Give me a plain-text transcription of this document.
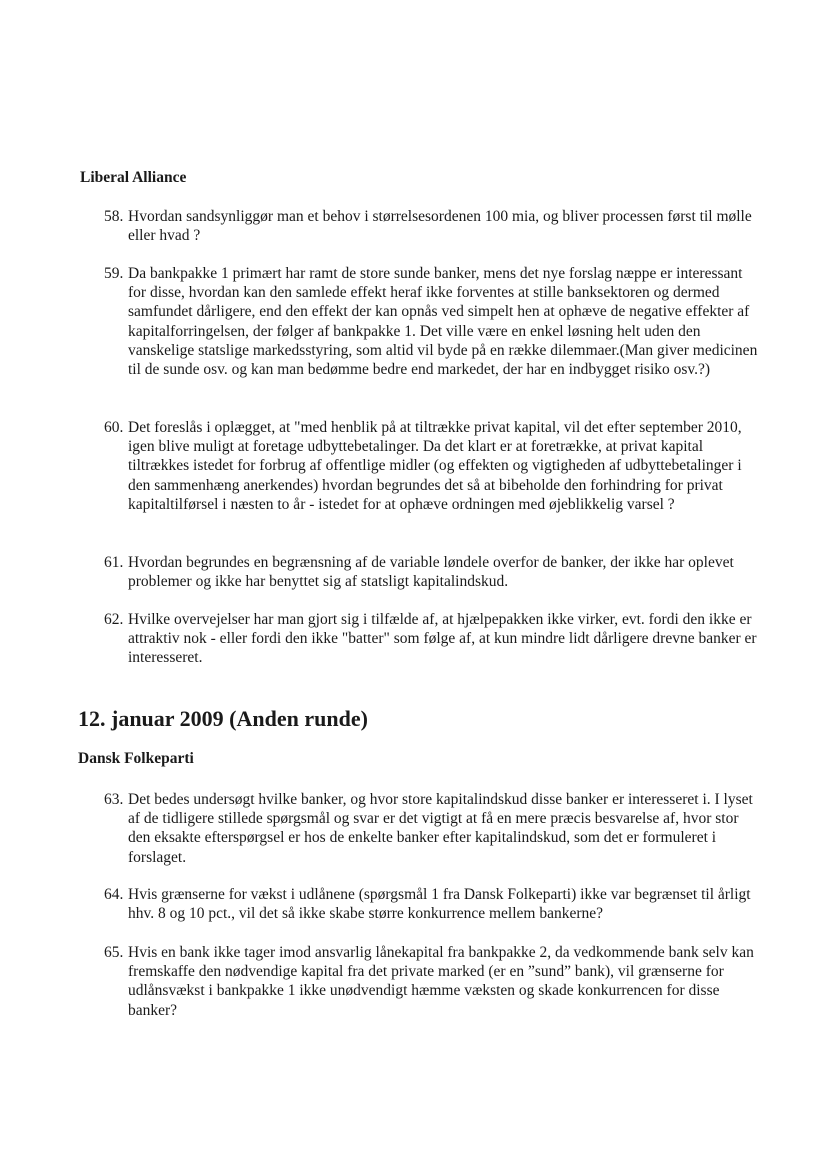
Liberal Alliance
58. Hvordan sandsynliggør man et behov i størrelsesordenen 100 mia, og bliver processen først til mølle eller hvad ?
59. Da bankpakke 1 primært har ramt de store sunde banker, mens det nye forslag næppe er interessant for disse, hvordan kan den samlede effekt heraf ikke forventes at stille banksektoren og dermed samfundet dårligere, end den effekt der kan opnås ved simpelt hen at ophæve de negative effekter af kapitalforringelsen, der følger af bankpakke 1. Det ville være en enkel løsning helt uden den vanskelige statslige markedsstyring, som altid vil byde på en række dilemmaer.(Man giver medicinen til de sunde osv. og kan man bedømme bedre end markedet, der har en indbygget risiko osv.?)
60. Det foreslås i oplægget, at "med henblik på at tiltrække privat kapital, vil det efter september 2010, igen blive muligt at foretage udbyttebetalinger. Da det klart er at foretrække, at privat kapital tiltrækkes istedet for forbrug af offentlige midler (og effekten og vigtigheden af udbyttebetalinger i den sammenhæng anerkendes) hvordan begrundes det så at bibeholde den forhindring for privat kapitaltilførsel i næsten to år - istedet for at ophæve ordningen med øjeblikkelig varsel ?
61. Hvordan begrundes en begrænsning af de variable løndele overfor de banker, der ikke har oplevet problemer og ikke har benyttet sig af statsligt kapitalindskud.
62. Hvilke overvejelser har man gjort sig i tilfælde af, at hjælpepakken ikke virker, evt. fordi den ikke er attraktiv nok - eller fordi den ikke "batter" som følge af, at kun mindre lidt dårligere drevne banker er interesseret.
12. januar 2009 (Anden runde)
Dansk Folkeparti
63. Det bedes undersøgt hvilke banker, og hvor store kapitalindskud disse banker er interesseret i. I lyset af de tidligere stillede spørgsmål og svar er det vigtigt at få en mere præcis besvarelse af, hvor stor den eksakte efterspørgsel er hos de enkelte banker efter kapitalindskud, som det er formuleret i forslaget.
64. Hvis grænserne for vækst i udlånene (spørgsmål 1 fra Dansk Folkeparti) ikke var begrænset til årligt hhv. 8 og 10 pct., vil det så ikke skabe større konkurrence mellem bankerne?
65. Hvis en bank ikke tager imod ansvarlig lånekapital fra bankpakke 2, da vedkommende bank selv kan fremskaffe den nødvendige kapital fra det private marked (er en ”sund” bank), vil grænserne for udlånsvækst i bankpakke 1 ikke unødvendigt hæmme væksten og skade konkurrencen for disse banker?
